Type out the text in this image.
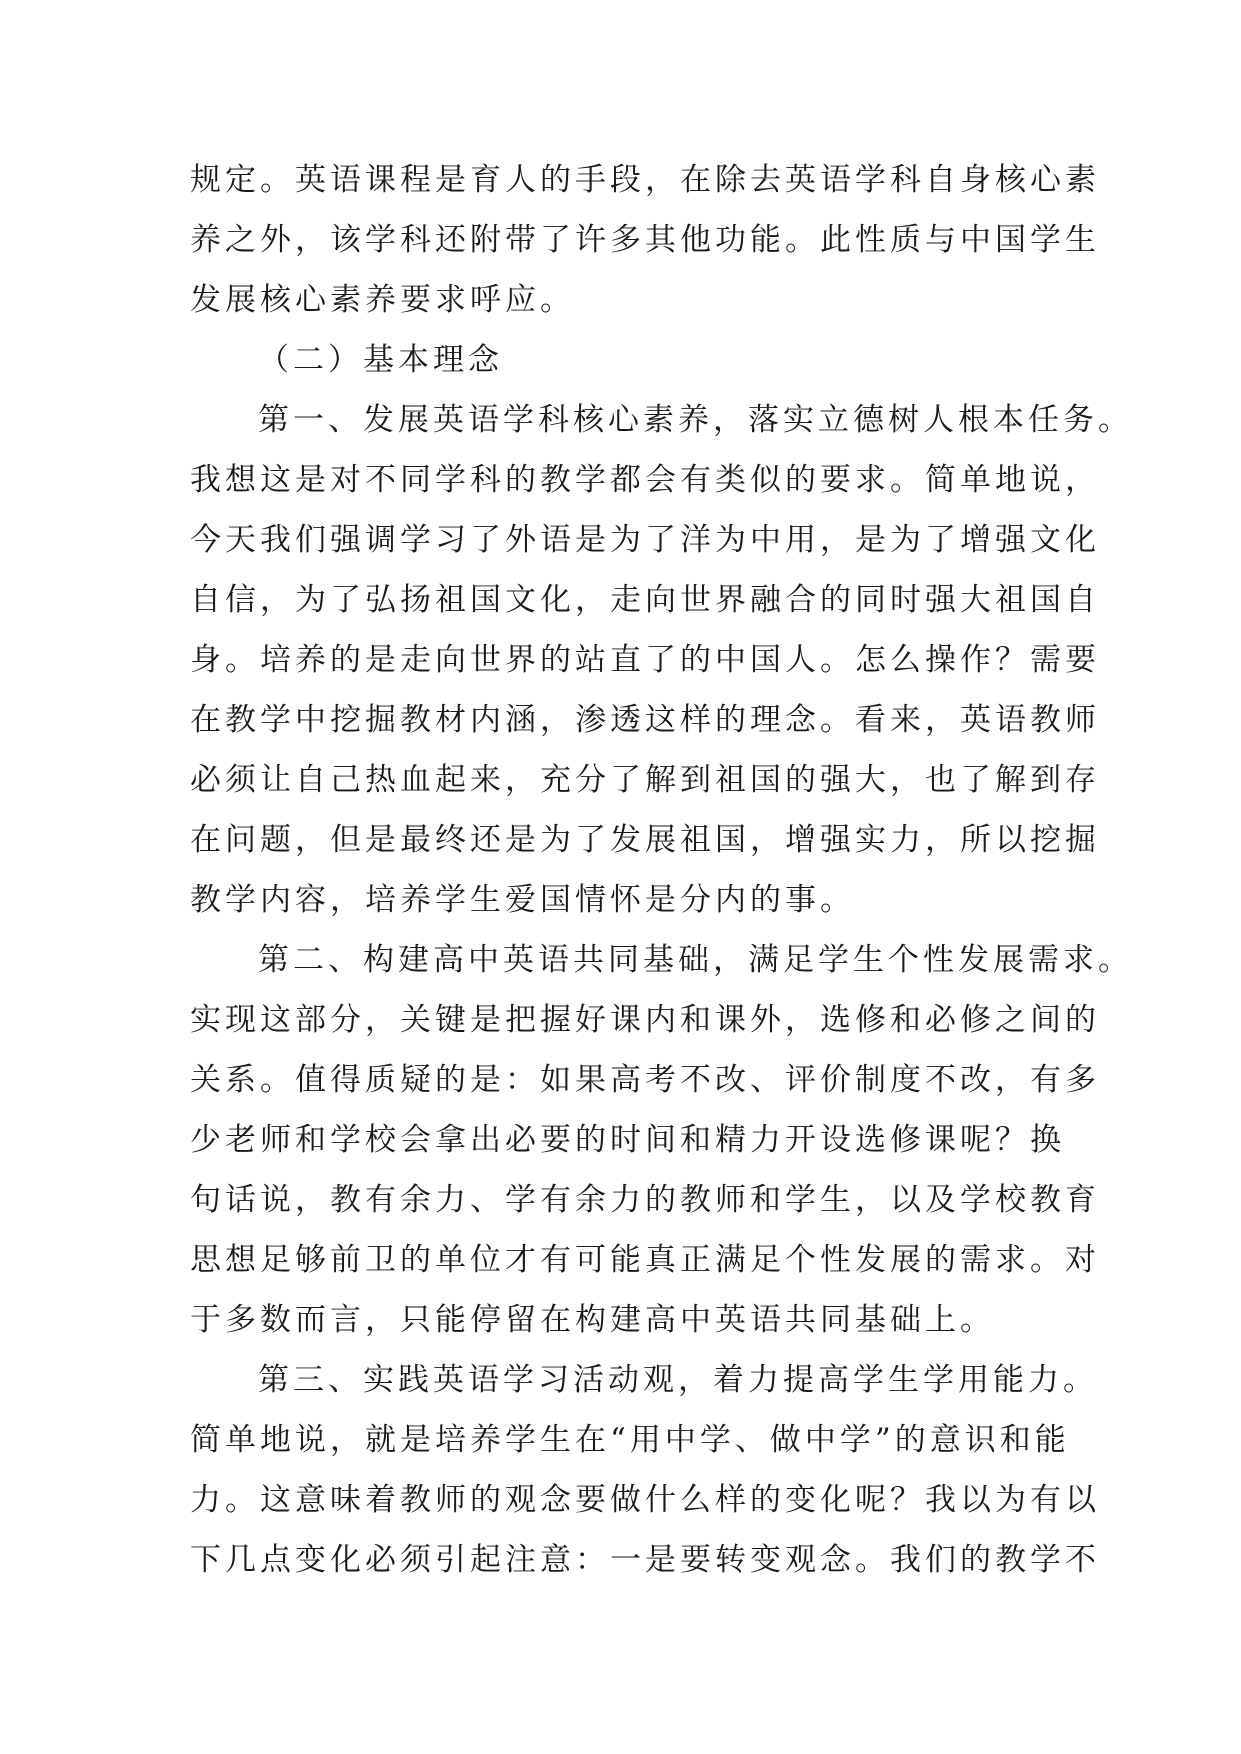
规定。英语课程是育人的手段，在除去英语学科自身核心素
养之外，该学科还附带了许多其他功能。此性质与中国学生
发展核心素养要求呼应。
（二）基本理念
第一、发展英语学科核心素养，落实立德树人根本任务。
我想这是对不同学科的教学都会有类似的要求。简单地说，
今天我们强调学习了外语是为了洋为中用，是为了增强文化
自信，为了弘扬祖国文化，走向世界融合的同时强大祖国自
身。培养的是走向世界的站直了的中国人。怎么操作？需要
在教学中挖掘教材内涵，渗透这样的理念。看来，英语教师
必须让自己热血起来，充分了解到祖国的强大，也了解到存
在问题，但是最终还是为了发展祖国，增强实力，所以挖掘
教学内容，培养学生爱国情怀是分内的事。
第二、构建高中英语共同基础，满足学生个性发展需求。
实现这部分，关键是把握好课内和课外，选修和必修之间的
关系。值得质疑的是：如果高考不改、评价制度不改，有多
少老师和学校会拿出必要的时间和精力开设选修课呢？换
句话说，教有余力、学有余力的教师和学生，以及学校教育
思想足够前卫的单位才有可能真正满足个性发展的需求。对
于多数而言，只能停留在构建高中英语共同基础上。
第三、实践英语学习活动观，着力提高学生学用能力。
简单地说，就是培养学生在“用中学、做中学”的意识和能
力。这意味着教师的观念要做什么样的变化呢？我以为有以
下几点变化必须引起注意：一是要转变观念。我们的教学不
